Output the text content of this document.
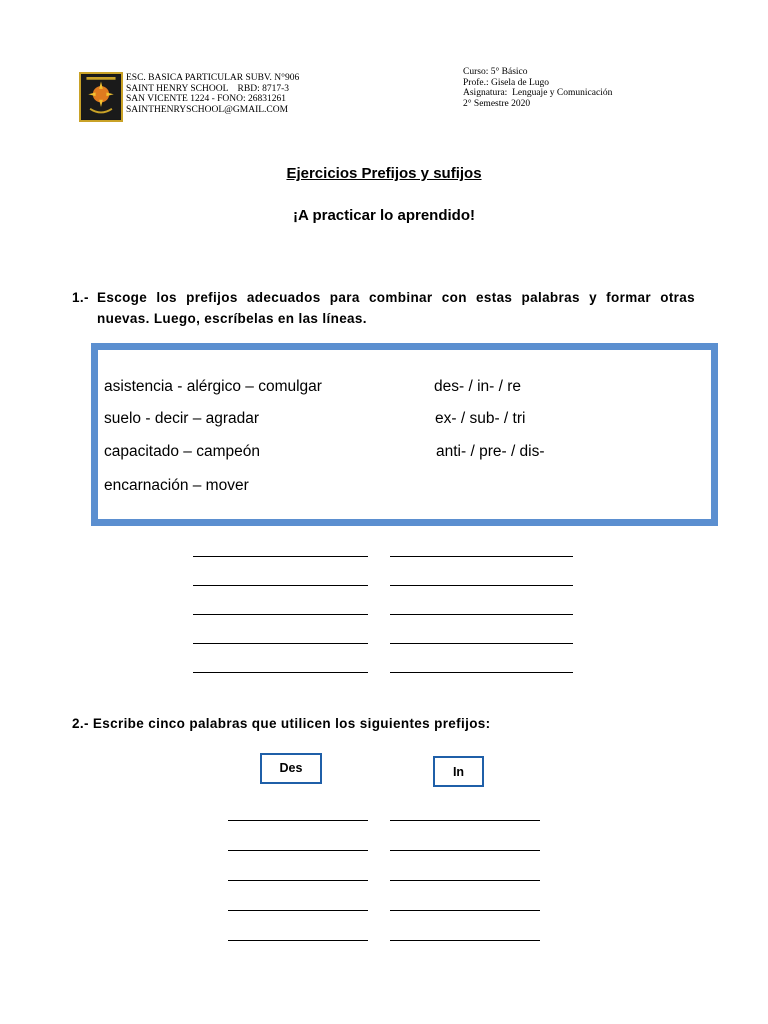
ESC. BASICA PARTICULAR SUBV. N°906
SAINT HENRY SCHOOL    RBD: 8717-3
SAN VICENTE 1224 - FONO: 26831261
SAINTHENRYSCHOOL@GMAIL.COM
Curso: 5° Básico
Profe.: Gisela de Lugo
Asignatura:  Lenguaje y Comunicación
2° Semestre 2020
Ejercicios Prefijos y sufijos
¡A practicar lo aprendido!
1.- Escoge los prefijos adecuados para combinar con estas palabras y formar otras
nuevas. Luego, escríbelas en las líneas.
asistencia - alérgico – comulgar	des- / in- / re
suelo - decir – agradar	ex- / sub- / tri
capacitado – campeón	anti- / pre- / dis-
encarnación – mover
2.- Escribe cinco palabras que utilicen los siguientes prefijos:
Des	In
